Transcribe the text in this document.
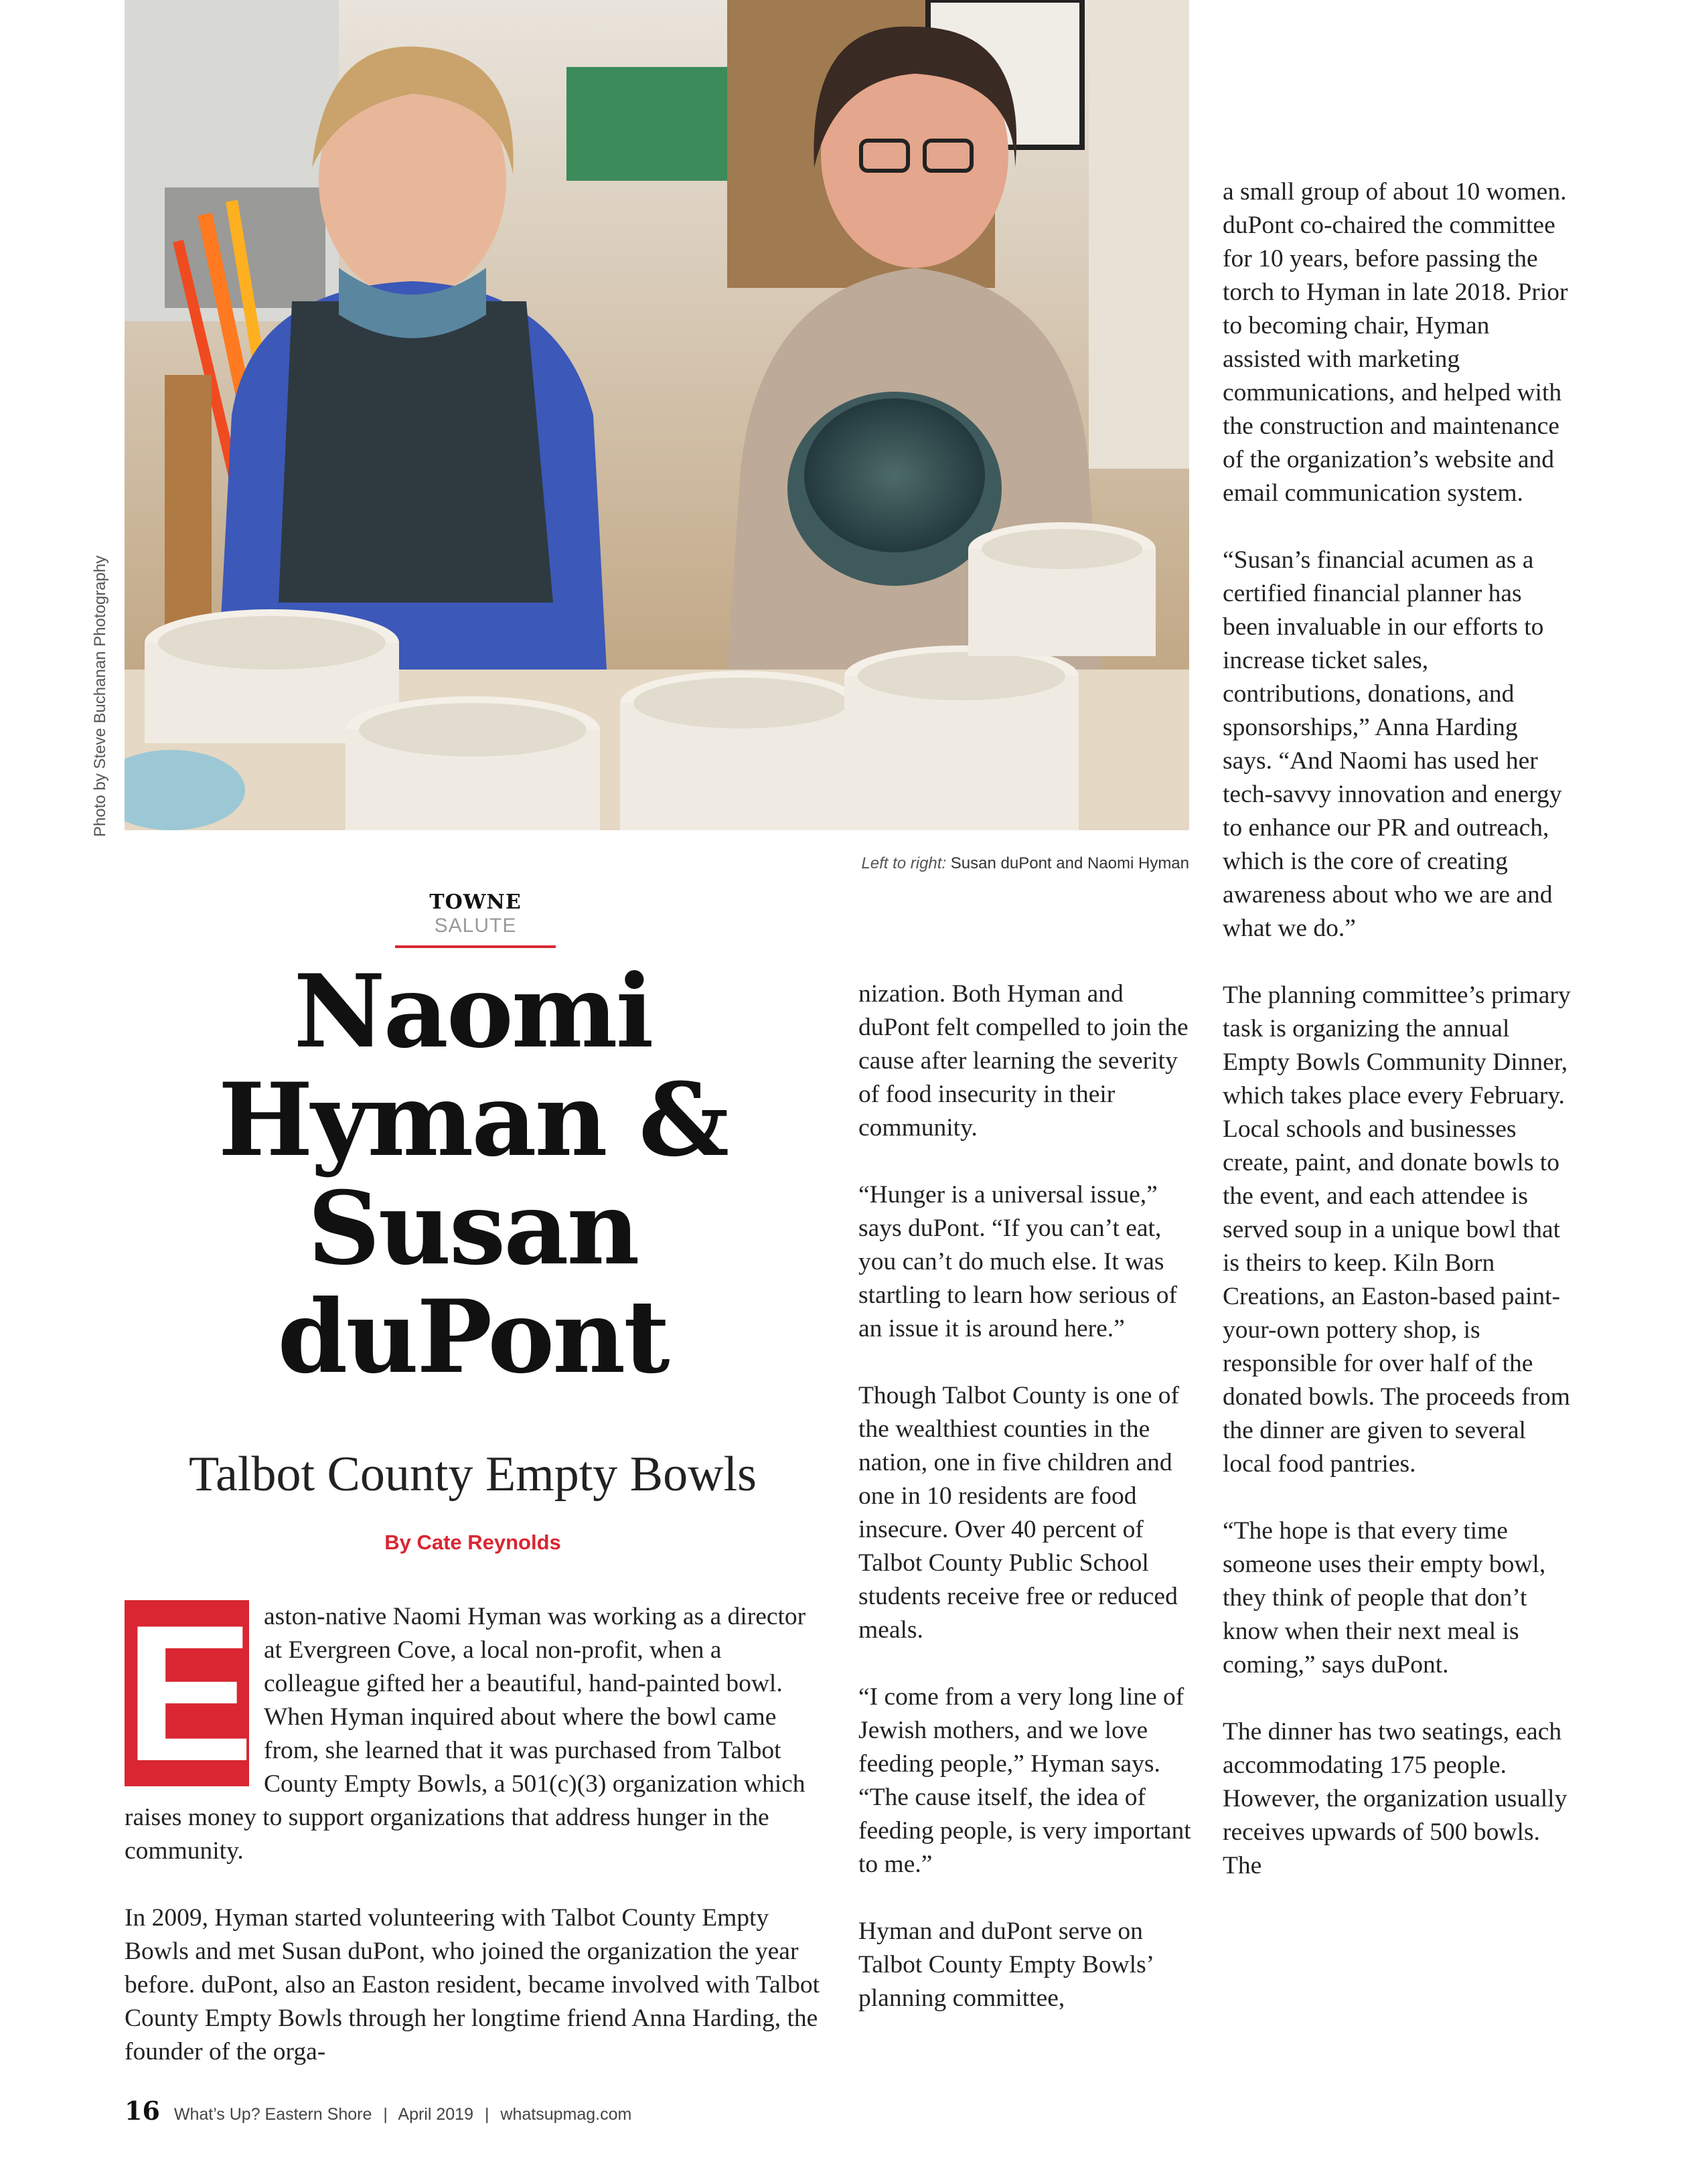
Photo by Steve Buchanan Photography
Left to right: Susan duPont and Naomi Hyman
TOWNE SALUTE
Naomi
Hyman &
Susan
duPont
Talbot County Empty Bowls
By Cate Reynolds

E aston-native Naomi Hyman was working as a director at Evergreen Cove, a local non-profit, when a colleague gifted her a beautiful, hand-painted bowl. When Hyman inquired about where the bowl came from, she learned that it was purchased from Talbot County Empty Bowls, a 501(c)(3) organization which raises money to support organizations that address hunger in the community.

In 2009, Hyman started volunteering with Talbot County Empty Bowls and met Susan duPont, who joined the organization the year before. duPont, also an Easton resident, became involved with Talbot County Empty Bowls through her longtime friend Anna Harding, the founder of the orga-

nization. Both Hyman and duPont felt compelled to join the cause after learning the severity of food insecurity in their community.

“Hunger is a universal issue,” says duPont. “If you can’t eat, you can’t do much else. It was startling to learn how serious of an issue it is around here.”

Though Talbot County is one of the wealthiest counties in the nation, one in five children and one in 10 residents are food insecure. Over 40 percent of Talbot County Public School students receive free or reduced meals.

“I come from a very long line of Jewish mothers, and we love feeding people,” Hyman says. “The cause itself, the idea of feeding people, is very important to me.”

Hyman and duPont serve on Talbot County Empty Bowls’ planning committee,

a small group of about 10 women. duPont co-chaired the committee for 10 years, before passing the torch to Hyman in late 2018. Prior to becoming chair, Hyman assisted with marketing communications, and helped with the construction and maintenance of the organization’s website and email communication system.

“Susan’s financial acumen as a certified financial planner has been invaluable in our efforts to increase ticket sales, contributions, donations, and sponsorships,” Anna Harding says. “And Naomi has used her tech-savvy innovation and energy to enhance our PR and outreach, which is the core of creating awareness about who we are and what we do.”

The planning committee’s primary task is organizing the annual Empty Bowls Community Dinner, which takes place every February. Local schools and businesses create, paint, and donate bowls to the event, and each attendee is served soup in a unique bowl that is theirs to keep. Kiln Born Creations, an Easton-based paint-your-own pottery shop, is responsible for over half of the donated bowls. The proceeds from the dinner are given to several local food pantries.

“The hope is that every time someone uses their empty bowl, they think of people that don’t know when their next meal is coming,” says duPont.

The dinner has two seatings, each accommodating 175 people. However, the organization usually receives upwards of 500 bowls. The

16 What’s Up? Eastern Shore | April 2019 | whatsupmag.com
